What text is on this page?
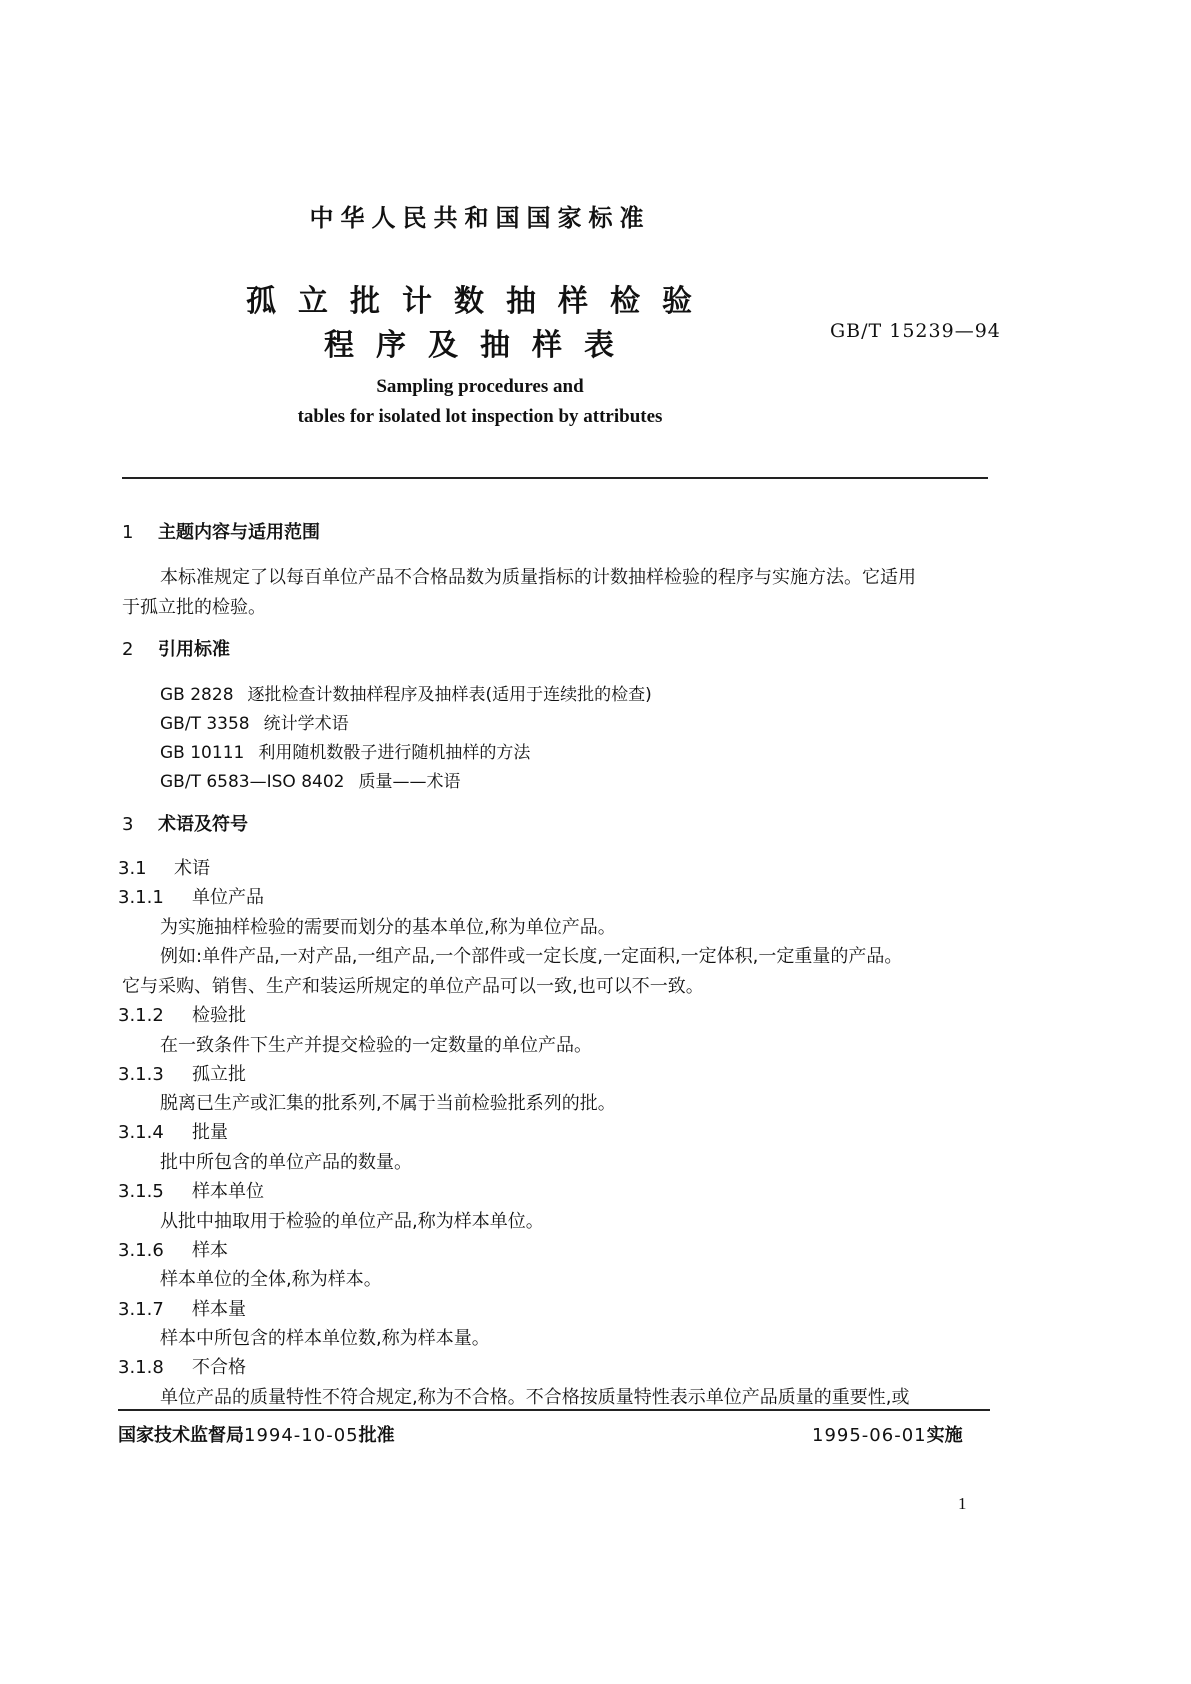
中华人民共和国国家标准
孤立批计数抽样检验
程序及抽样表	GB/T 15239—94
Sampling procedures and
tables for isolated lot inspection by attributes
1 主题内容与适用范围
本标准规定了以每百单位产品不合格品数为质量指标的计数抽样检验的程序与实施方法。它适用
于孤立批的检验。
2 引用标准
GB 2828 逐批检查计数抽样程序及抽样表(适用于连续批的检查)
GB/T 3358 统计学术语
GB 10111 利用随机数骰子进行随机抽样的方法
GB/T 6583—ISO 8402 质量——术语
3 术语及符号
3.1 术语
3.1.1 单位产品
为实施抽样检验的需要而划分的基本单位,称为单位产品。
例如:单件产品,一对产品,一组产品,一个部件或一定长度,一定面积,一定体积,一定重量的产品。
它与采购、销售、生产和装运所规定的单位产品可以一致,也可以不一致。
3.1.2 检验批
在一致条件下生产并提交检验的一定数量的单位产品。
3.1.3 孤立批
脱离已生产或汇集的批系列,不属于当前检验批系列的批。
3.1.4 批量
批中所包含的单位产品的数量。
3.1.5 样本单位
从批中抽取用于检验的单位产品,称为样本单位。
3.1.6 样本
样本单位的全体,称为样本。
3.1.7 样本量
样本中所包含的样本单位数,称为样本量。
3.1.8 不合格
单位产品的质量特性不符合规定,称为不合格。不合格按质量特性表示单位产品质量的重要性,或
国家技术监督局1994-10-05批准	1995-06-01实施
1
